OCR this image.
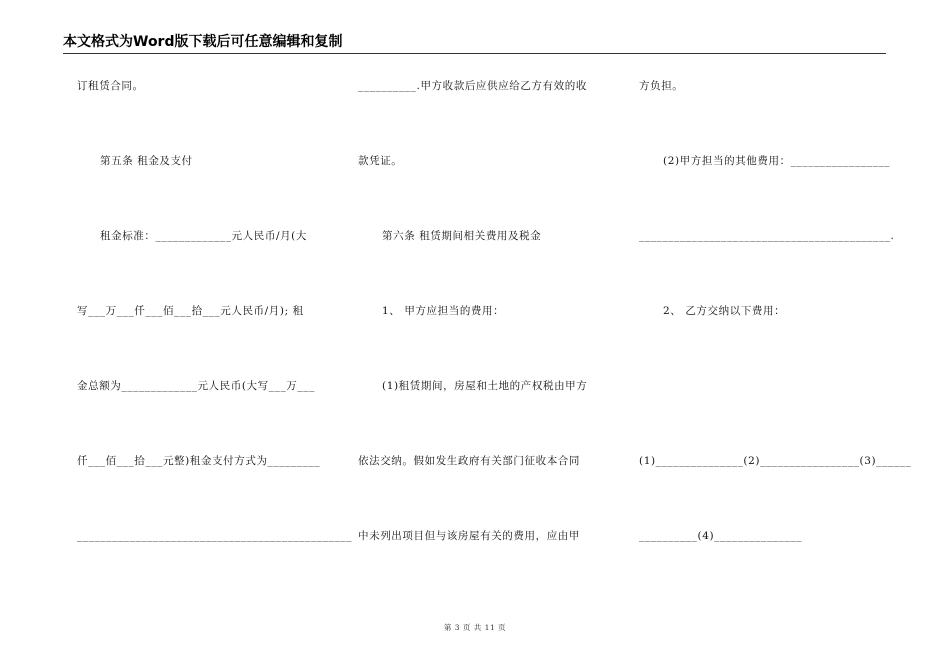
本文格式为Word版下载后可任意编辑和复制
订租赁合同。
第五条 租金及支付
租金标准：_____________元人民币/月(大
写___万___仟___佰___拾___元人民币/月); 租
金总额为_____________元人民币(大写___万___
仟___佰___拾___元整)租金支付方式为_________
_______________________________________________
__________.甲方收款后应供应给乙方有效的收
款凭证。
第六条 租赁期间相关费用及税金
1、 甲方应担当的费用：
(1)租赁期间，房屋和土地的产权税由甲方
依法交纳。假如发生政府有关部门征收本合同
中未列出项目但与该房屋有关的费用，应由甲
方负担。
(2)甲方担当的其他费用：_________________
___________________________________________.
2、 乙方交纳以下费用：
(1)_______________(2)_________________(3)______
__________(4)_______________
第 3 页 共 11 页
